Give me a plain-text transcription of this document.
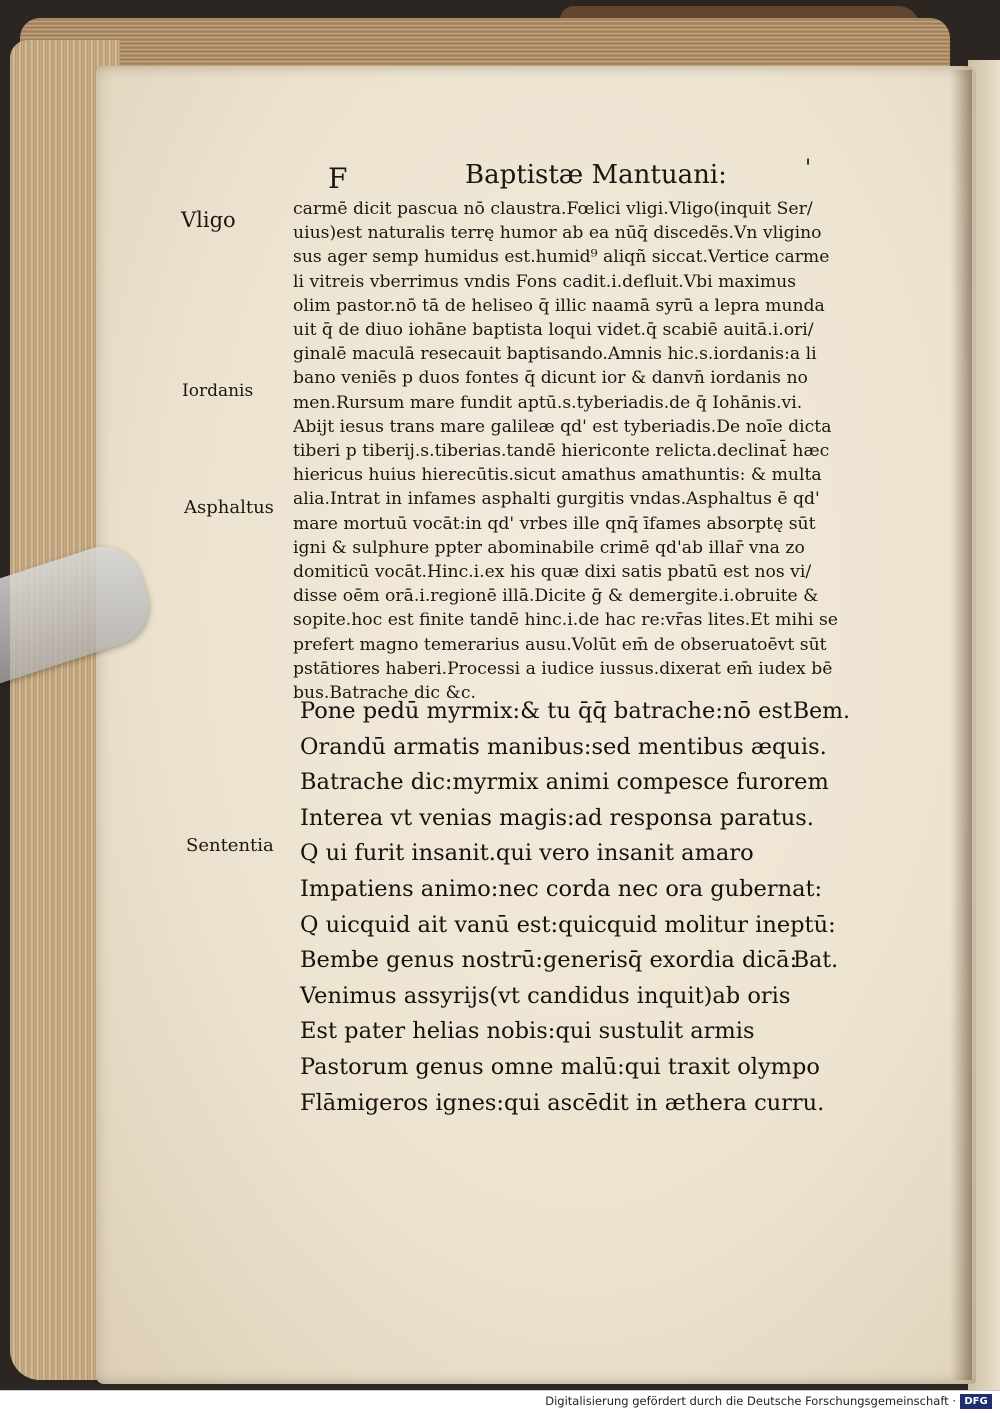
F	Baptistæ Mantuani:	'
Vligo
Iordanis
Asphaltus
Sententia
carmē dicit pascua nō claustra.Fœlici vligi.Vligo(inquit Ser/
uius)est naturalis terrę humor ab ea nūq̄ discedēs.Vn vligino
sus ager semp humidus est.humid⁹ aliqñ siccat.Vertice carme
li vitreis vberrimus vndis Fons cadit.i.defluit.Vbi maximus
olim pastor.nō tā de heliseo q̄ illic naamā syrū a lepra munda
uit q̄ de diuo iohāne baptista loqui videt.q̄ scabiē auitā.i.ori/
ginalē maculā resecauit baptisando.Amnis hic.s.iordanis:a li
bano veniēs p duos fontes q̄ dicunt ior & danvn̄ iordanis no
men.Rursum mare fundit aptū.s.tyberiadis.de q̄ Iohānis.vi.
Abijt iesus trans mare galileæ qd' est tyberiadis.De noīe dicta
tiberi p tiberij.s.tiberias.tandē hiericonte relicta.declinat̄ hæc
hiericus huius hierecūtis.sicut amathus amathuntis: & multa
alia.Intrat in infames asphalti gurgitis vndas.Asphaltus ē qd'
mare mortuū vocāt:in qd' vrbes ille qnq̄ īfames absorptę sūt
igni & sulphure ppter abominabile crimē qd'ab illar̄ vna zo
domiticū vocāt.Hinc.i.ex his quæ dixi satis pbatū est nos vi/
disse oēm orā.i.regionē illā.Dicite ḡ & demergite.i.obruite &
sopite.hoc est finite tandē hinc.i.de hac re:vr̄as lites.Et mihi se
prefert magno temerarius ausu.Volūt em̄ de obseruatoēvt sūt
pstātiores haberi.Processi a iudice iussus.dixerat em̄ iudex bē
bus.Batrache dic &c.
Pone pedū myrmix:& tu q̄q̄ batrache:nō est Bem.
Orandū armatis manibus:sed mentibus æquis.
Batrache dic:myrmix animi compesce furorem
Interea vt venias magis:ad responsa paratus.
Q ui furit insanit.qui vero insanit amaro
Impatiens animo:nec corda nec ora gubernat:
Q uicquid ait vanū est:quicquid molitur ineptū:
Bembe genus nostrū:generisq̄ exordia dicā:
Bat.
Venimus assyrijs(vt candidus inquit)ab oris
Est pater helias nobis:qui sustulit armis
Pastorum genus omne malū:qui traxit olympo
Flāmigeros ignes:qui ascēdit in æthera curru.
Digitalisierung gefördert durch die Deutsche Forschungsgemeinschaft · DFG
